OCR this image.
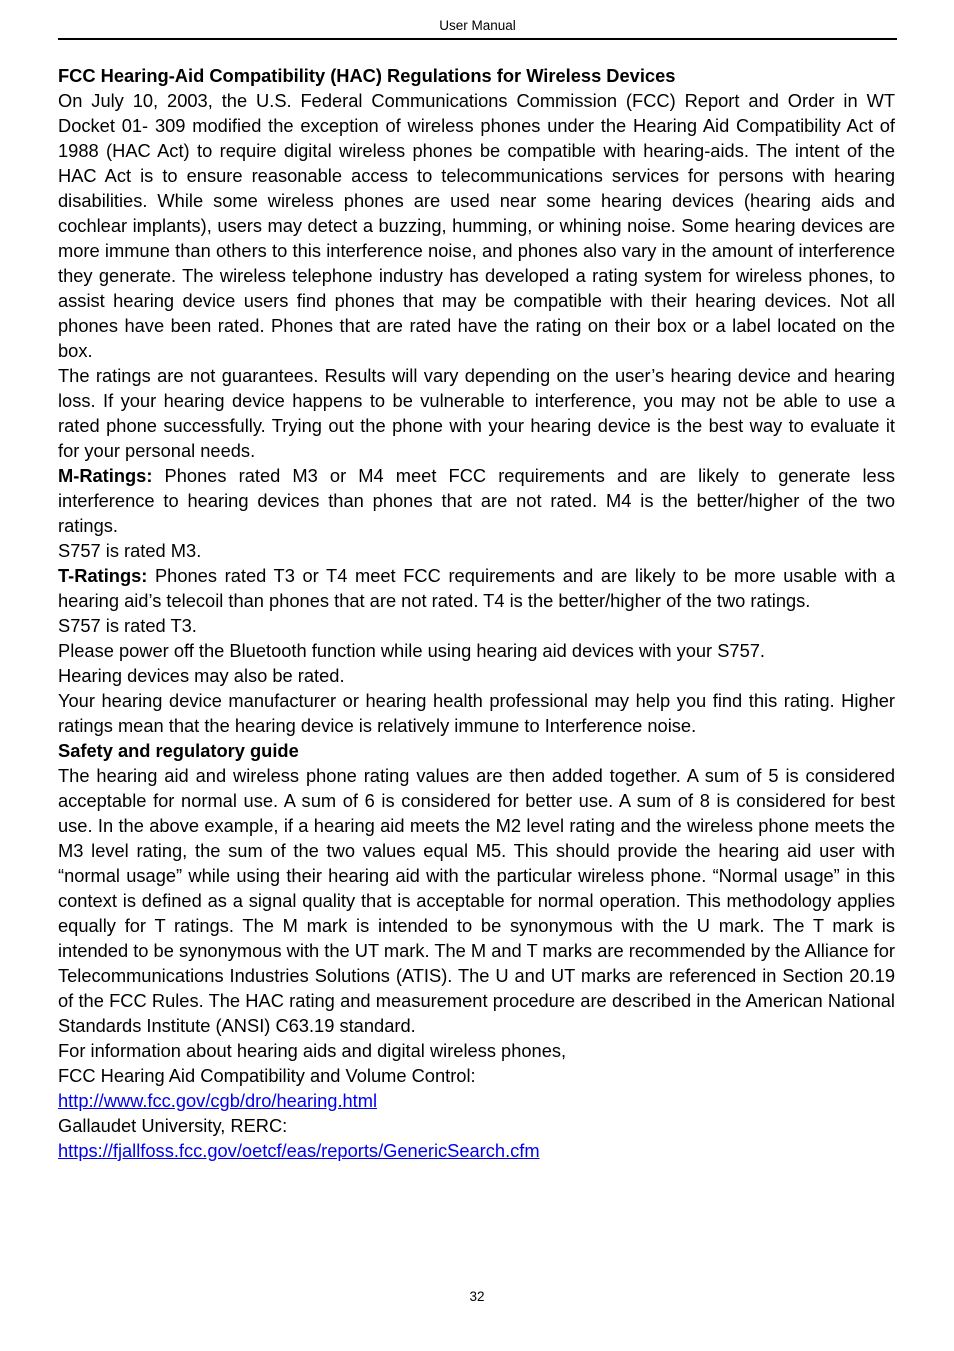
User Manual

FCC Hearing-Aid Compatibility (HAC) Regulations for Wireless Devices

On July 10, 2003, the U.S. Federal Communications Commission (FCC) Report and Order in WT Docket 01- 309 modified the exception of wireless phones under the Hearing Aid Compatibility Act of 1988 (HAC Act) to require digital wireless phones be compatible with hearing-aids. The intent of the HAC Act is to ensure reasonable access to telecommunications services for persons with hearing disabilities. While some wireless phones are used near some hearing devices (hearing aids and cochlear implants), users may detect a buzzing, humming, or whining noise. Some hearing devices are more immune than others to this interference noise, and phones also vary in the amount of interference they generate. The wireless telephone industry has developed a rating system for wireless phones, to assist hearing device users find phones that may be compatible with their hearing devices. Not all phones have been rated. Phones that are rated have the rating on their box or a label located on the box.

The ratings are not guarantees. Results will vary depending on the user’s hearing device and hearing loss. If your hearing device happens to be vulnerable to interference, you may not be able to use a rated phone successfully. Trying out the phone with your hearing device is the best way to evaluate it for your personal needs.

M-Ratings: Phones rated M3 or M4 meet FCC requirements and are likely to generate less interference to hearing devices than phones that are not rated. M4 is the better/higher of the two ratings.

S757 is rated M3.

T-Ratings: Phones rated T3 or T4 meet FCC requirements and are likely to be more usable with a hearing aid’s telecoil than phones that are not rated. T4 is the better/higher of the two ratings.

S757 is rated T3.

Please power off the Bluetooth function while using hearing aid devices with your S757.

Hearing devices may also be rated.

Your hearing device manufacturer or hearing health professional may help you find this rating. Higher ratings mean that the hearing device is relatively immune to Interference noise.

Safety and regulatory guide

The hearing aid and wireless phone rating values are then added together. A sum of 5 is considered acceptable for normal use. A sum of 6 is considered for better use. A sum of 8 is considered for best use. In the above example, if a hearing aid meets the M2 level rating and the wireless phone meets the M3 level rating, the sum of the two values equal M5. This should provide the hearing aid user with “normal usage” while using their hearing aid with the particular wireless phone. “Normal usage” in this context is defined as a signal quality that is acceptable for normal operation. This methodology applies equally for T ratings. The M mark is intended to be synonymous with the U mark. The T mark is intended to be synonymous with the UT mark. The M and T marks are recommended by the Alliance for Telecommunications Industries Solutions (ATIS). The U and UT marks are referenced in Section 20.19 of the FCC Rules. The HAC rating and measurement procedure are described in the American National Standards Institute (ANSI) C63.19 standard.

For information about hearing aids and digital wireless phones,

FCC Hearing Aid Compatibility and Volume Control:

http://www.fcc.gov/cgb/dro/hearing.html

Gallaudet University, RERC:

https://fjallfoss.fcc.gov/oetcf/eas/reports/GenericSearch.cfm

32
